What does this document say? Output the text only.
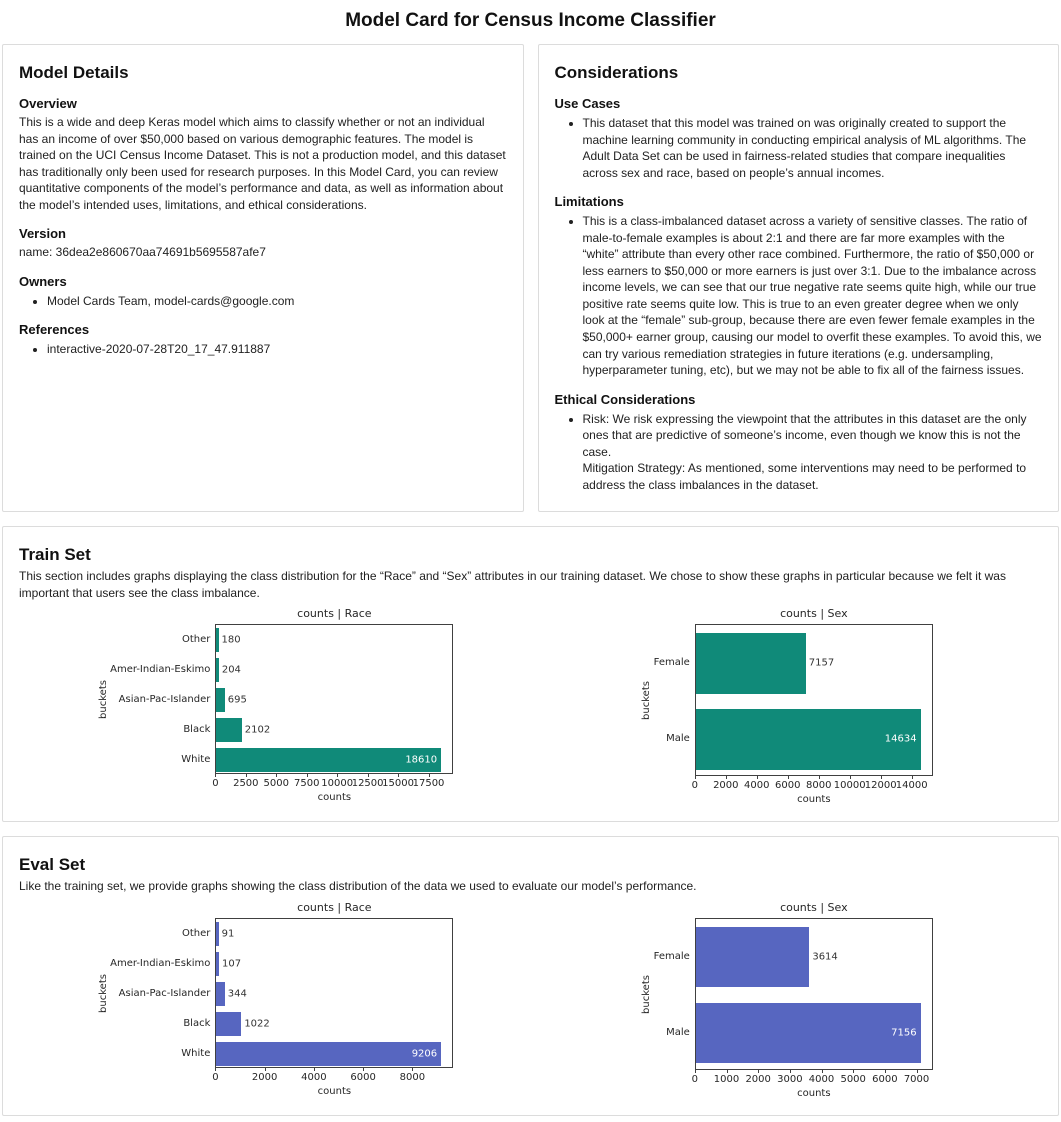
Model Card for Census Income Classifier
Model Details
Overview

This is a wide and deep Keras model which aims to classify whether or not an individual has an income of over $50,000 based on various demographic features. The model is trained on the UCI Census Income Dataset. This is not a production model, and this dataset has traditionally only been used for research purposes. In this Model Card, you can review quantitative components of the model’s performance and data, as well as information about the model’s intended uses, limitations, and ethical considerations.

Version

name: 36dea2e860670aa74691b5695587afe7

Owners
• Model Cards Team, model-cards@google.com
References
• interactive-2020-07-28T20_17_47.911887
Considerations
Use Cases
• This dataset that this model was trained on was originally created to support the machine learning community in conducting empirical analysis of ML algorithms. The Adult Data Set can be used in fairness-related studies that compare inequalities across sex and race, based on people’s annual incomes.
Limitations
• This is a class-imbalanced dataset across a variety of sensitive classes. The ratio of male-to-female examples is about 2:1 and there are far more examples with the “white” attribute than every other race combined. Furthermore, the ratio of $50,000 or less earners to $50,000 or more earners is just over 3:1. Due to the imbalance across income levels, we can see that our true negative rate seems quite high, while our true positive rate seems quite low. This is true to an even greater degree when we only look at the “female” sub-group, because there are even fewer female examples in the $50,000+ earner group, causing our model to overfit these examples. To avoid this, we can try various remediation strategies in future iterations (e.g. undersampling, hyperparameter tuning, etc), but we may not be able to fix all of the fairness issues.
Ethical Considerations
• Risk: We risk expressing the viewpoint that the attributes in this dataset are the only ones that are predictive of someone’s income, even though we know this is not the case.
Mitigation Strategy: As mentioned, some interventions may need to be performed to address the class imbalances in the dataset.
Train Set

This section includes graphs displaying the class distribution for the “Race” and “Sex” attributes in our training dataset. We chose to show these graphs in particular because we felt it was important that users see the class imbalance.

counts | Race
buckets
Other
Amer-Indian-Eskimo
Asian-Pac-Islander
Black
White
180
204
695
2102
18610
0 2500 5000 7500 10000
12500
15000
17500
counts
counts | Sex
buckets
Female
Male
7157
14634
0 2000 4000 6000 8000 10000 12000 14000
counts
Eval Set

Like the training set, we provide graphs showing the class distribution of the data we used to evaluate our model’s performance.

counts | Race
buckets
Other
Amer-Indian-Eskimo
Asian-Pac-Islander
Black
White
91
107
344
1022
9206
0	2000 4000 6000 8000
counts
counts | Sex
buckets
Female
Male
3614
7156
0 1000 2000 3000 4000 5000 6000 7000
counts
